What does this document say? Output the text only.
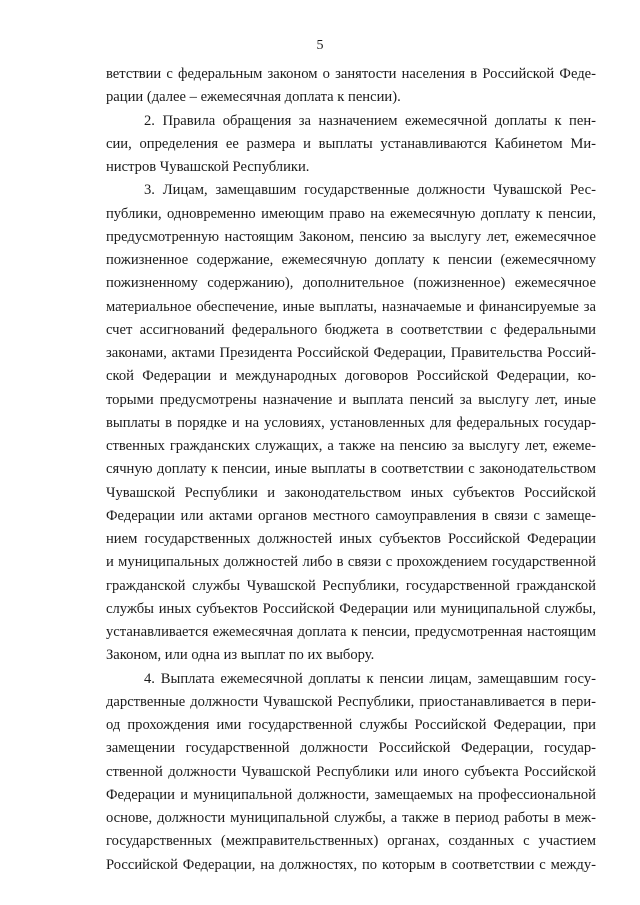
5
ветствии с федеральным законом о занятости населения в Российской Феде-
рации (далее – ежемесячная доплата к пенсии).
2. Правила обращения за назначением ежемесячной доплаты к пен-
сии, определения ее размера и выплаты устанавливаются Кабинетом Ми-
нистров Чувашской Республики.
3. Лицам, замещавшим государственные должности Чувашской Рес-
публики, одновременно имеющим право на ежемесячную доплату к пенсии,
предусмотренную настоящим Законом, пенсию за выслугу лет, ежемесячное
пожизненное содержание, ежемесячную доплату к пенсии (ежемесячному
пожизненному содержанию), дополнительное (пожизненное) ежемесячное
материальное обеспечение, иные выплаты, назначаемые и финансируемые за
счет ассигнований федерального бюджета в соответствии с федеральными
законами, актами Президента Российской Федерации, Правительства Россий-
ской Федерации и международных договоров Российской Федерации, ко-
торыми предусмотрены назначение и выплата пенсий за выслугу лет, иные
выплаты в порядке и на условиях, установленных для федеральных государ-
ственных гражданских служащих, а также на пенсию за выслугу лет, ежеме-
сячную доплату к пенсии, иные выплаты в соответствии с законодательством
Чувашской Республики и законодательством иных субъектов Российской
Федерации или актами органов местного самоуправления в связи с замеще-
нием государственных должностей иных субъектов Российской Федерации
и муниципальных должностей либо в связи с прохождением государственной
гражданской службы Чувашской Республики, государственной гражданской
службы иных субъектов Российской Федерации или муниципальной службы,
устанавливается ежемесячная доплата к пенсии, предусмотренная настоящим
Законом, или одна из выплат по их выбору.
4. Выплата ежемесячной доплаты к пенсии лицам, замещавшим госу-
дарственные должности Чувашской Республики, приостанавливается в пери-
од прохождения ими государственной службы Российской Федерации, при
замещении государственной должности Российской Федерации, государ-
ственной должности Чувашской Республики или иного субъекта Российской
Федерации и муниципальной должности, замещаемых на профессиональной
основе, должности муниципальной службы, а также в период работы в меж-
государственных (межправительственных) органах, созданных с участием
Российской Федерации, на должностях, по которым в соответствии с между-
